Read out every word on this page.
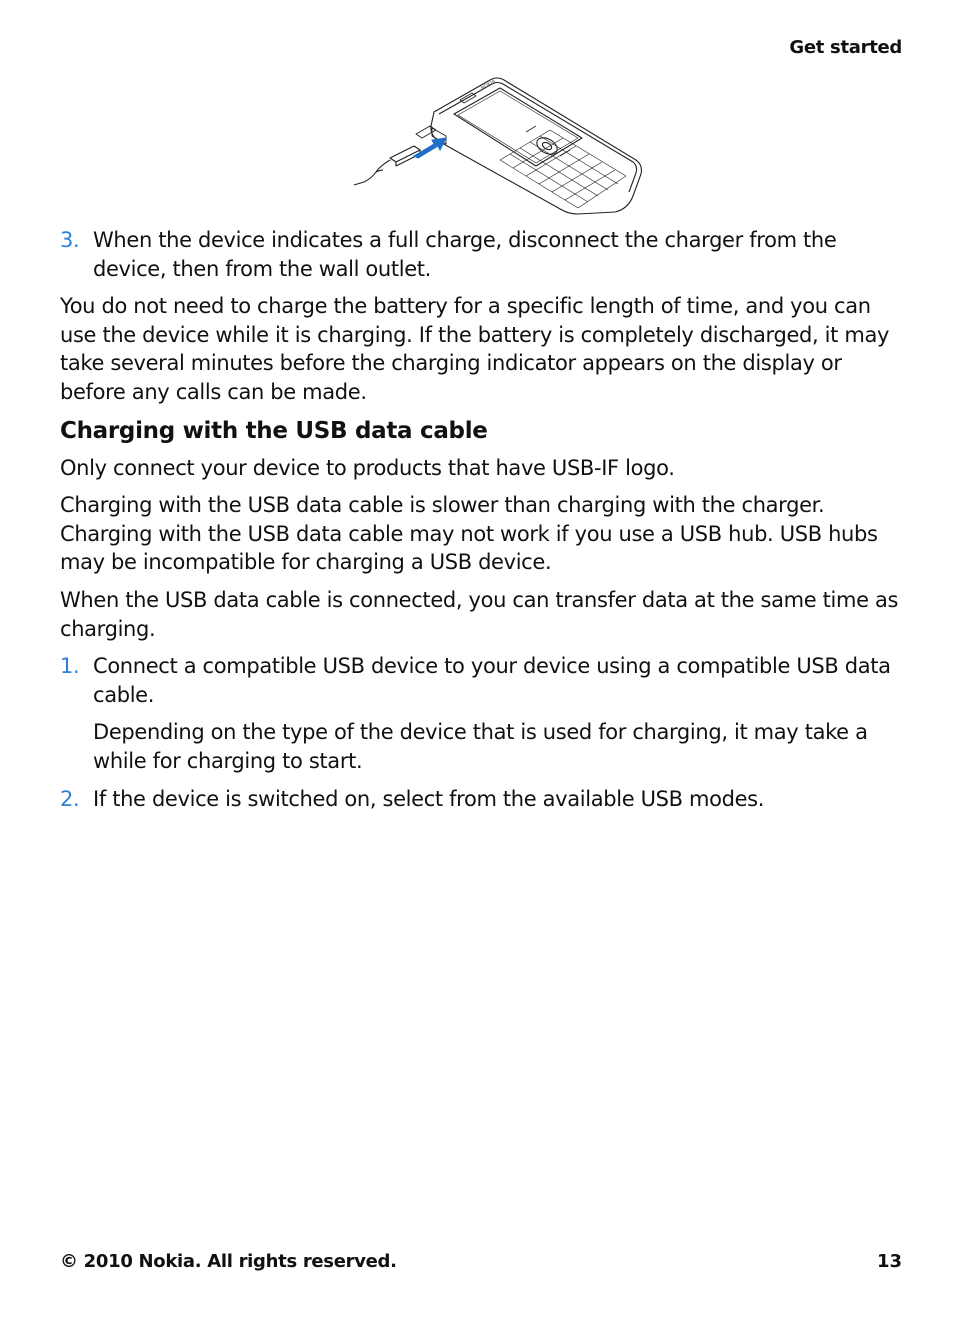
Get started
NOKIA
3. When the device indicates a full charge, disconnect the charger from the device, then from the wall outlet.

You do not need to charge the battery for a specific length of time, and you can use the device while it is charging. If the battery is completely discharged, it may take several minutes before the charging indicator appears on the display or before any calls can be made.

Charging with the USB data cable

Only connect your device to products that have USB-IF logo.

Charging with the USB data cable is slower than charging with the charger. Charging with the USB data cable may not work if you use a USB hub. USB hubs may be incompatible for charging a USB device.

When the USB data cable is connected, you can transfer data at the same time as charging.

1. Connect a compatible USB device to your device using a compatible USB data cable.

Depending on the type of the device that is used for charging, it may take a while for charging to start.

2. If the device is switched on, select from the available USB modes.
© 2010 Nokia. All rights reserved.	13
